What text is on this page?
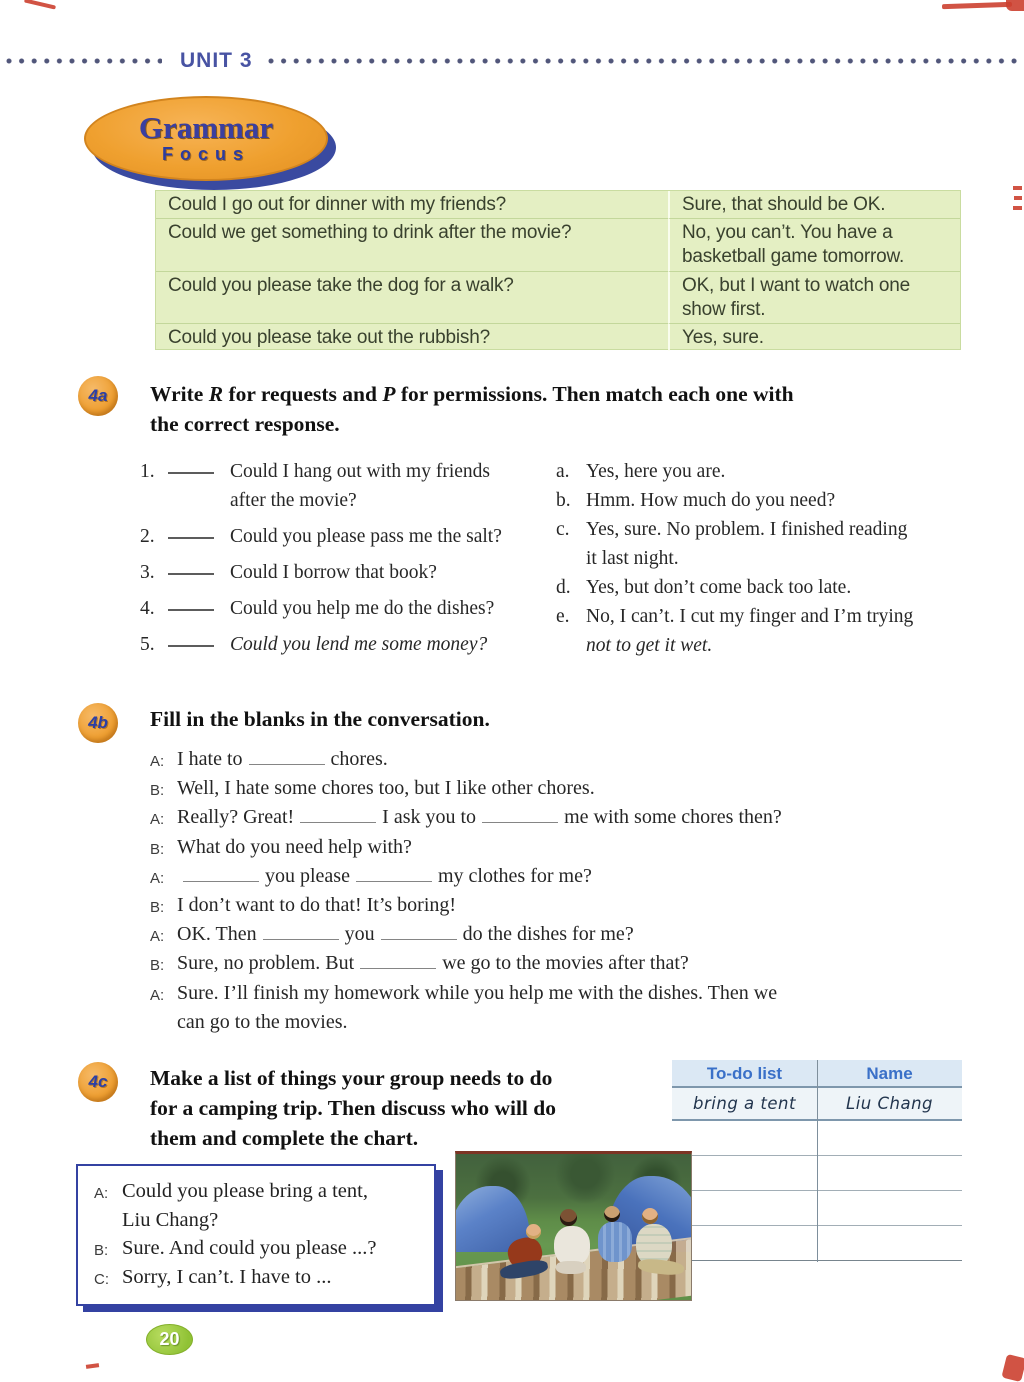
UNIT 3
Grammar
Focus
Could I go out for dinner with my friends?	Sure, that should be OK.
Could we get something to drink after the movie?	No, you can’t. You have a
basketball game tomorrow.
Could you please take the dog for a walk?	OK, but I want to watch one
show first.
Could you please take out the rubbish?	Yes, sure.
4a	Write R for requests and P for permissions. Then match each one with
the correct response.
1.	Could I hang out with my friends
after the movie?
2.	Could you please pass me the salt?
3.	Could I borrow that book?
4.	Could you help me do the dishes?
5.	Could you lend me some money?
a. Yes, here you are.
b. Hmm. How much do you need?
c. Yes, sure. No problem. I finished reading
it last night.
d. Yes, but don’t come back too late.
e. No, I can’t. I cut my finger and I’m trying
not to get it wet.
4b	Fill in the blanks in the conversation.
A: I hate to	chores.
B: Well, I hate some chores too, but I like other chores.
A: Really? Great!	I ask you to	me with some chores then?
B: What do you need help with?
A:	you please	my clothes for me?
B: I don’t want to do that! It’s boring!
A: OK. Then	you	do the dishes for me?
B: Sure, no problem. But	we go to the movies after that?
A: Sure. I’ll finish my homework while you help me with the dishes. Then we
can go to the movies.
4c	Make a list of things your group needs to do
for a camping trip. Then discuss who will do
them and complete the chart.
To-do list	Name
bring a tent	Liu Chang
A: Could you please bring a tent,
Liu Chang?
B: Sure. And could you please ...?
C: Sorry, I can’t. I have to ...
20
